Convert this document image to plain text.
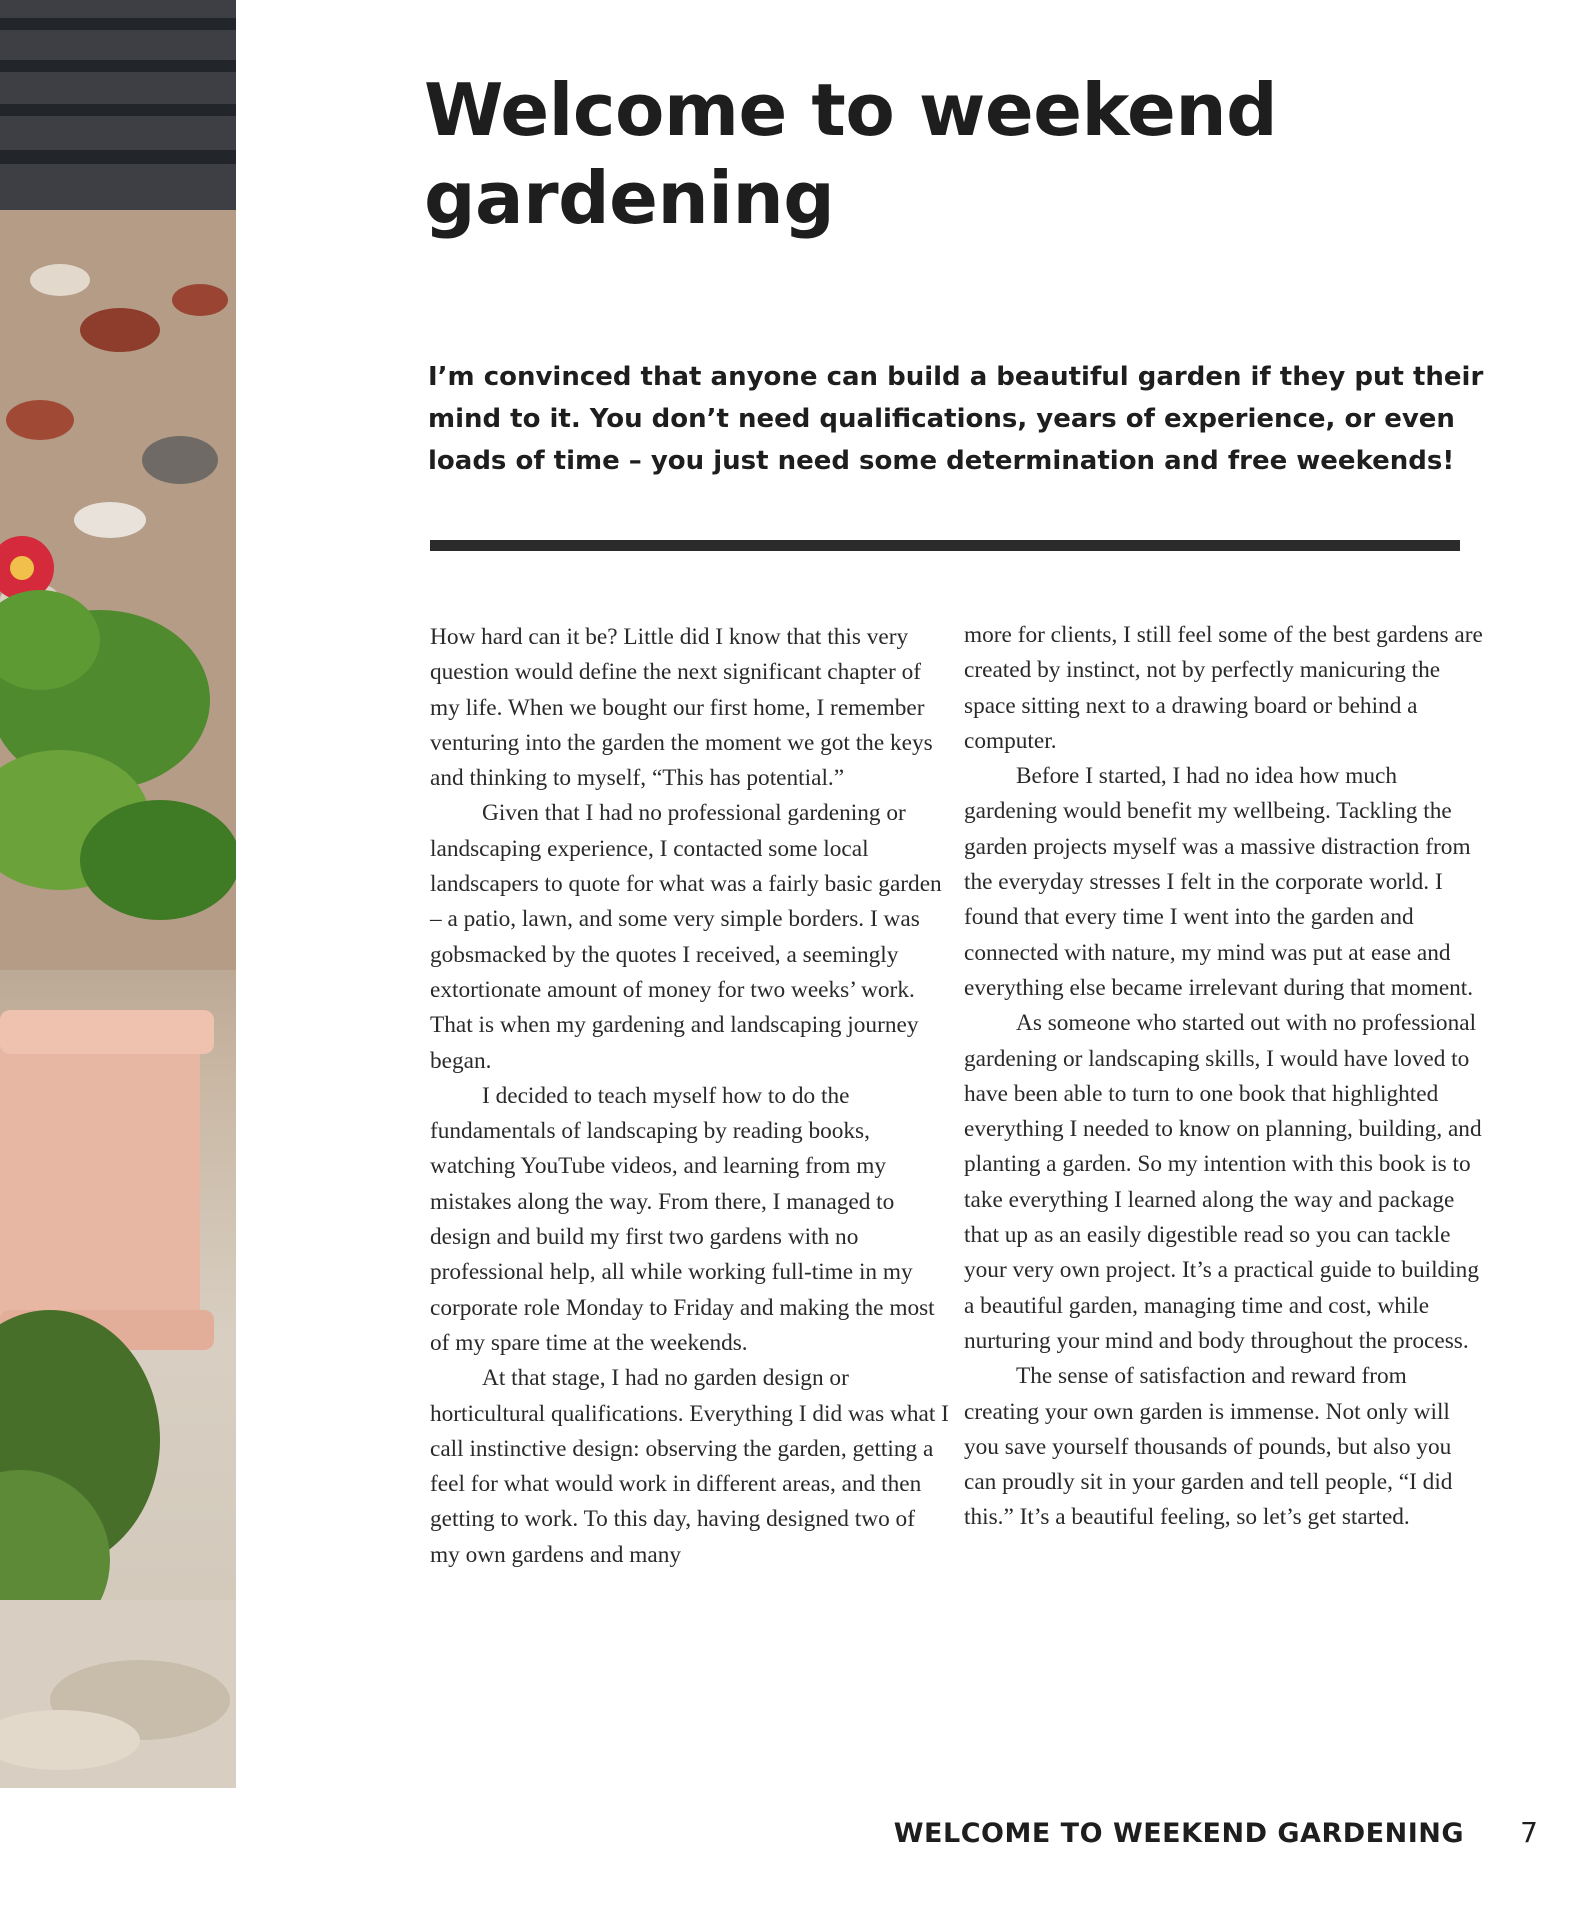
Welcome to weekend gardening

I’m convinced that anyone can build a beautiful garden if they put their mind to it. You don’t need qualifications, years of experience, or even loads of time – you just need some determination and free weekends!

How hard can it be? Little did I know that this very question would define the next significant chapter of my life. When we bought our first home, I remember venturing into the garden the moment we got the keys and thinking to myself, “This has potential.”

Given that I had no professional gardening or landscaping experience, I contacted some local landscapers to quote for what was a fairly basic garden – a patio, lawn, and some very simple borders. I was gobsmacked by the quotes I received, a seemingly extortionate amount of money for two weeks’ work. That is when my gardening and landscaping journey began.

I decided to teach myself how to do the fundamentals of landscaping by reading books, watching YouTube videos, and learning from my mistakes along the way. From there, I managed to design and build my first two gardens with no professional help, all while working full-time in my corporate role Monday to Friday and making the most of my spare time at the weekends.

At that stage, I had no garden design or horticultural qualifications. Everything I did was what I call instinctive design: observing the garden, getting a feel for what would work in different areas, and then getting to work. To this day, having designed two of my own gardens and many

more for clients, I still feel some of the best gardens are created by instinct, not by perfectly manicuring the space sitting next to a drawing board or behind a computer.

Before I started, I had no idea how much gardening would benefit my wellbeing. Tackling the garden projects myself was a massive distraction from the everyday stresses I felt in the corporate world. I found that every time I went into the garden and connected with nature, my mind was put at ease and everything else became irrelevant during that moment.

As someone who started out with no professional gardening or landscaping skills, I would have loved to have been able to turn to one book that highlighted everything I needed to know on planning, building, and planting a garden. So my intention with this book is to take everything I learned along the way and package that up as an easily digestible read so you can tackle your very own project. It’s a practical guide to building a beautiful garden, managing time and cost, while nurturing your mind and body throughout the process.

The sense of satisfaction and reward from creating your own garden is immense. Not only will you save yourself thousands of pounds, but also you can proudly sit in your garden and tell people, “I did this.” It’s a beautiful feeling, so let’s get started.

WELCOME TO WEEKEND GARDENING 7
